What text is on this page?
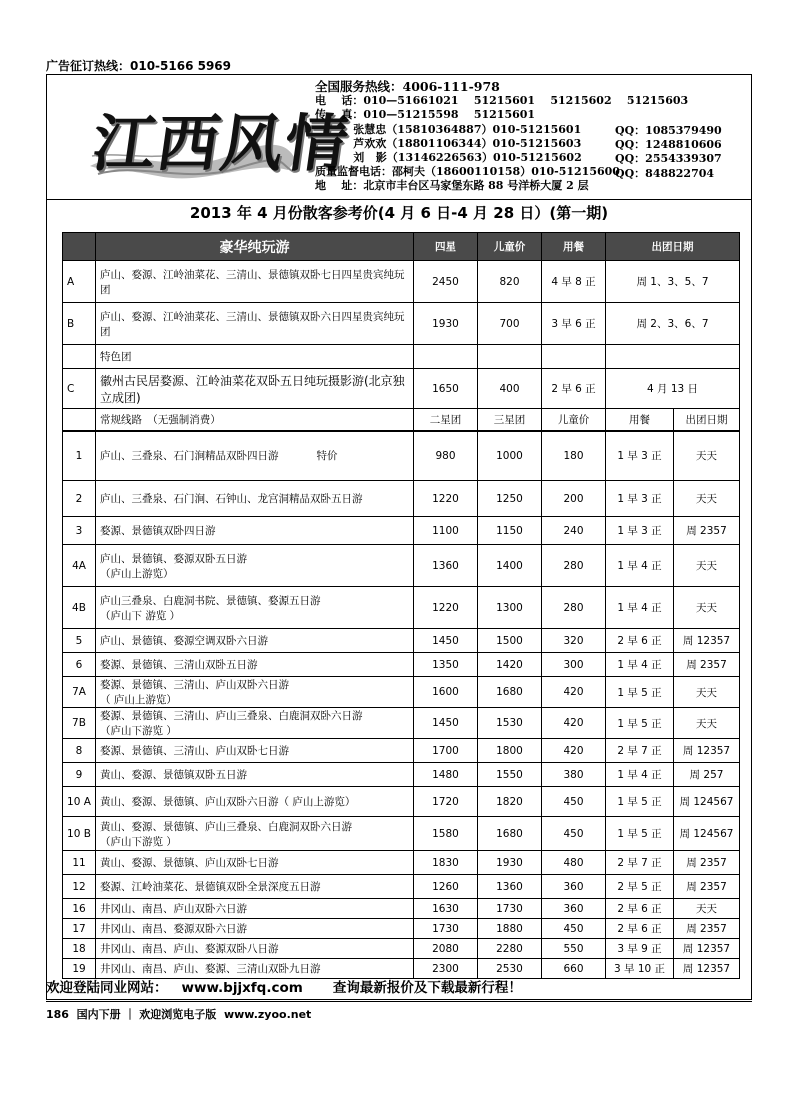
广告征订热线：010-5166 5969
江西风情
全国服务热线：4006-111-978
电    话：010—51661021    51215601    51215602    51215603
传    真：010—51215598    51215601
张慧忠（15810364887）010-51215601
芦欢欢（18801106344）010-51215603
刘   影（13146226563）010-51215602
质量监督电话：邵柯夫（18600110158）010-51215600
地    址：北京市丰台区马家堡东路 88 号洋桥大厦 2 层
QQ：1085379490
QQ：1248810606
QQ：2554339307
QQ：848822704
2013 年 4 月份散客参考价(4 月 6 日-4 月 28 日）(第一期)
	豪华纯玩游	四星	儿童价	用餐	出团日期	
A	庐山、婺源、江岭油菜花、三清山、景德镇双卧七日四星贵宾纯玩团	2450	820	4 早 8 正	周 1、3、5、7	
B	庐山、婺源、江岭油菜花、三清山、景德镇双卧六日四星贵宾纯玩团	1930	700	3 早 6 正	周 2、3、6、7	
	特色团					
C	徽州古民居婺源、江岭油菜花双卧五日纯玩摄影游(北京独立成团)	1650	400	2 早 6 正	4 月 13 日	
	常规线路　（无强制消费）	二星团	三星团	儿童价	用餐	出团日期
1	庐山、三叠泉、石门涧精品双卧四日游 特价	980	1000	180	1 早 3 正	天天
2	庐山、三叠泉、石门涧、石钟山、龙宫洞精品双卧五日游	1220	1250	200	1 早 3 正	天天
3	婺源、景德镇双卧四日游	1100	1150	240	1 早 3 正	周 2357
4A	庐山、景德镇、婺源双卧五日游
（庐山上游览）	1360	1400	280	1 早 4 正	天天
4B	庐山三叠泉、白鹿洞书院、景德镇、婺源五日游
（庐山下 游览 ）	1220	1300	280	1 早 4 正	天天
5	庐山、景德镇、婺源空调双卧六日游	1450	1500	320	2 早 6 正	周 12357
6	婺源、景德镇、三清山双卧五日游	1350	1420	300	1 早 4 正	周 2357
7A	婺源、景德镇、三清山、庐山双卧六日游
（ 庐山上游览）	1600	1680	420	1 早 5 正	天天
7B	婺源、景德镇、三清山、庐山三叠泉、白鹿洞双卧六日游
（庐山下游览 ）	1450	1530	420	1 早 5 正	天天
8	婺源、景德镇、三清山、庐山双卧七日游	1700	1800	420	2 早 7 正	周 12357
9	黄山、婺源、景德镇双卧五日游	1480	1550	380	1 早 4 正	周 257
10 A	黄山、婺源、景德镇、庐山双卧六日游（ 庐山上游览）	1720	1820	450	1 早 5 正	周 124567
10 B	黄山、婺源、景德镇、庐山三叠泉、白鹿洞双卧六日游
（庐山下游览 ）	1580	1680	450	1 早 5 正	周 124567
11	黄山、婺源、景德镇、庐山双卧七日游	1830	1930	480	2 早 7 正	周 2357
12	婺源、江岭油菜花、景德镇双卧全景深度五日游	1260	1360	360	2 早 5 正	周 2357
16	井冈山、南昌、庐山双卧六日游	1630	1730	360	2 早 6 正	天天
17	井冈山、南昌、婺源双卧六日游	1730	1880	450	2 早 6 正	周 2357
18	井冈山、南昌、庐山、婺源双卧八日游	2080	2280	550	3 早 9 正	周 12357
19	井冈山、南昌、庐山、婺源、三清山双卧九日游	2300	2530	660	3 早 10 正	周 12357
欢迎登陆同业网站： www.bjjxfq.com 查询最新报价及下载最新行程！
186  国内下册 ｜ 欢迎浏览电子版  www.zyoo.net
